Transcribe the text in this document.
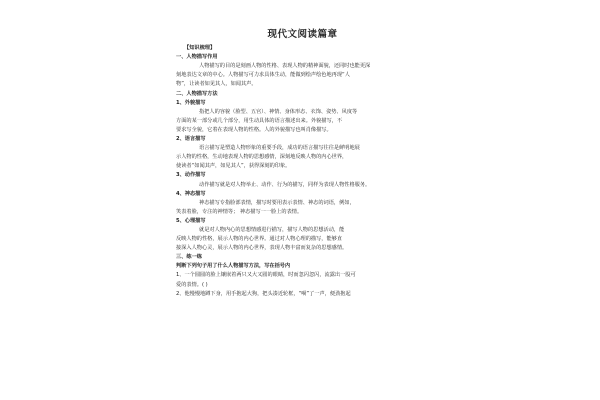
现代文阅读篇章
【知识梳理】
一、人物描写作用
人物描写的目的是刻画人物的性格、表现人物的精神面貌，还同时也能更深
刻地表达文章的中心。人物描写可力求具体生动，能做到绘声绘色地再现“人
物”，让读者如见其人，如闻其声。
二、人物描写方法
1、外貌描写
指把人的容貌（脸型、五官）、神情、身体形态、衣饰、姿势、风度等
方面的某一部分或几个部分，用生动具体的语言描述出来。外貌描写，不
要求写全貌，它着在表现人物的性格。人的外貌描写也叫肖像描写。
2、语言描写
语言描写是塑造人物形象的重要手段，成功的语言描写往往是鲜明地展
示人物的性格，生动地表现人物的思想感情，深刻地反映人物的内心世界，
使读者“如闻其声，如见其人”，获得深刻的印象。
3、动作描写
动作描写就是对人物举止、动作、行为的描写，同样为表现人物性格服务。
4、神态描写
神态描写专指脸部表情，描写时要用表示表情、神态的词语，例如，
笑表着脸，专注的神情等； 神态描写一一脸上的表情。
5、心理描写
就是对人物内心的思想情感进行描写，描写人物的思想活动，能
反映人物的性格，展示人物的内心世界。通过对人物心理的描写，能够直
接深入人物心灵，展示人物的内心世界，表现人物丰富而复杂的思想感情。
三、练一练
判断下列句子用了什么人物描写方法，写在括号内
1、一个圆圆的脸上镶嵌着两只又大又圆的眼睛，时而忽闪忽闪，流露出一股可
爱的表情。( )
2、他慢慢地蹲下身，用手抱起大狗，把头凑近轮框，“嗬”了一声，便劲抱起
